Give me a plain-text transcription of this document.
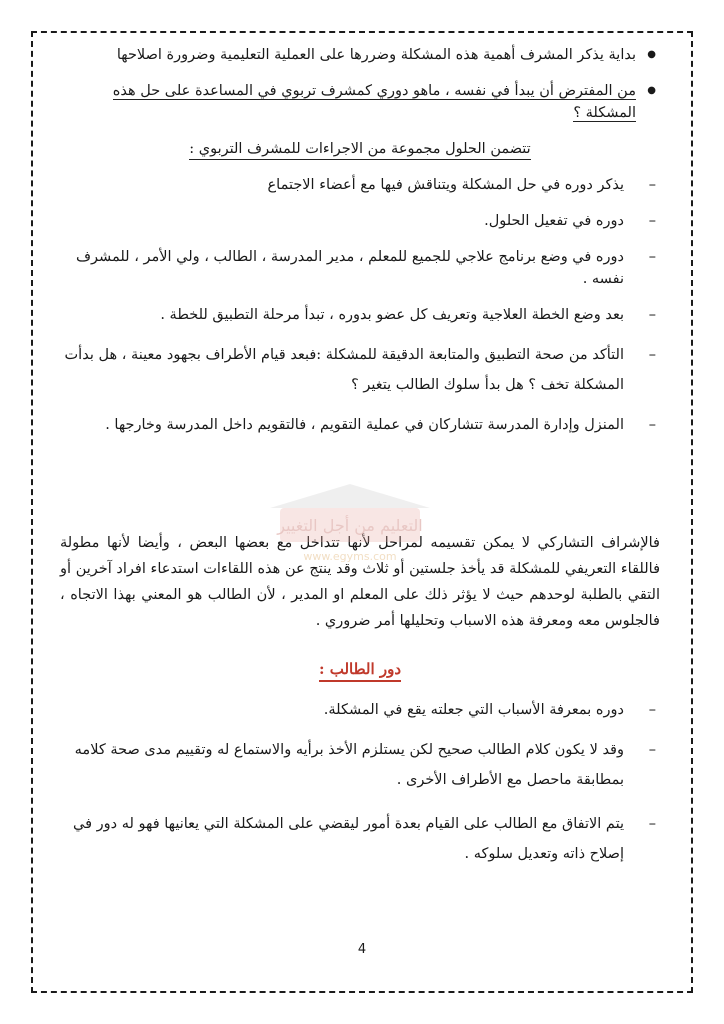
● بداية يذكر المشرف أهمية هذه المشكلة وضررها على العملية التعليمية وضرورة اصلاحها

● من المفترض أن يبدأ في نفسه ، ماهو دوري كمشرف تربوي في المساعدة على حل هذه المشكلة ؟

تتضمن الحلول مجموعة من الاجراءات للمشرف التربوي :

–
يذكر دوره في حل المشكلة ويتناقش فيها مع أعضاء الاجتماع

–
دوره في تفعيل الحلول.

–
دوره في وضع برنامج علاجي للجميع للمعلم ، مدير المدرسة ، الطالب ، ولي الأمر ، للمشرف نفسه .

–
بعد وضع الخطة العلاجية وتعريف كل عضو بدوره ، تبدأ مرحلة التطبيق للخطة .

–
التأكد من صحة التطبيق والمتابعة الدقيقة للمشكلة :فبعد قيام الأطراف بجهود معينة ، هل بدأت المشكلة تخف ؟ هل بدأ سلوك الطالب يتغير ؟

–
المنزل وإدارة المدرسة تتشاركان في عملية التقويم ، فالتقويم داخل المدرسة وخارجها .

فالإشراف التشاركي لا يمكن تقسيمه لمراحل لأنها تتداخل مع بعضها البعض ، وأيضا لأنها مطولة فاللقاء التعريفي للمشكلة قد يأخذ جلستين أو ثلاث وقد ينتج عن هذه اللقاءات استدعاء افراد آخرين أو التقي بالطلبة لوحدهم حيث لا يؤثر ذلك على المعلم او المدير ، لأن الطالب هو المعني بهذا الاتجاه ، فالجلوس معه ومعرفة هذه الاسباب وتحليلها أمر ضروري .

دور الطالب :

–
دوره بمعرفة الأسباب التي جعلته يقع في المشكلة.

–
وقد لا يكون كلام الطالب صحيح لكن يستلزم الأخذ برأيه والاستماع له وتقييم مدى صحة كلامه بمطابقة ماحصل مع الأطراف الأخرى .

–
يتم الاتفاق مع الطالب على القيام بعدة أمور ليقضي على المشكلة التي يعانيها فهو له دور في إصلاح ذاته وتعديل سلوكه .

التعليم من أجل التغيير
www.egyms.com
4
